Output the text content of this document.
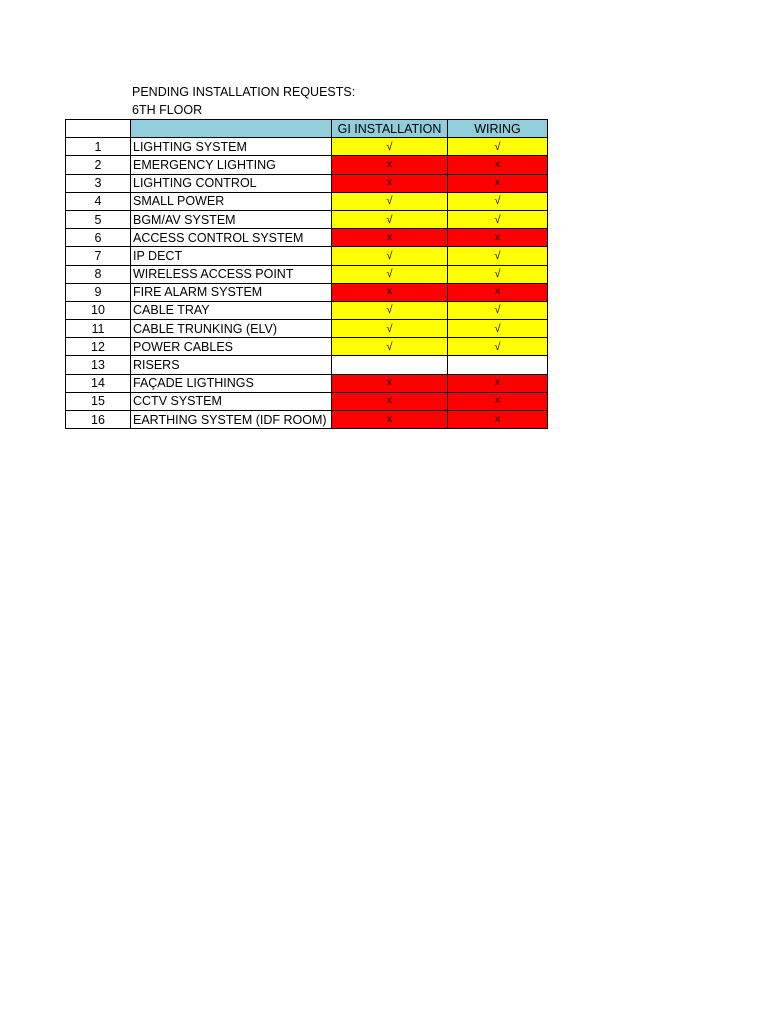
PENDING INSTALLATION REQUESTS:
6TH FLOOR
		GI INSTALLATION	WIRING
1	LIGHTING SYSTEM	√	√
2	EMERGENCY LIGHTING	x	x
3	LIGHTING CONTROL	x	x
4	SMALL POWER	√	√
5	BGM/AV SYSTEM	√	√
6	ACCESS CONTROL SYSTEM	x	x
7	IP DECT	√	√
8	WIRELESS ACCESS POINT	√	√
9	FIRE ALARM SYSTEM	x	x
10	CABLE TRAY	√	√
11	CABLE TRUNKING (ELV)	√	√
12	POWER CABLES	√	√
13	RISERS		
14	FAÇADE LIGTHINGS	x	x
15	CCTV SYSTEM	x	x
16	EARTHING SYSTEM (IDF ROOM)	x	x
